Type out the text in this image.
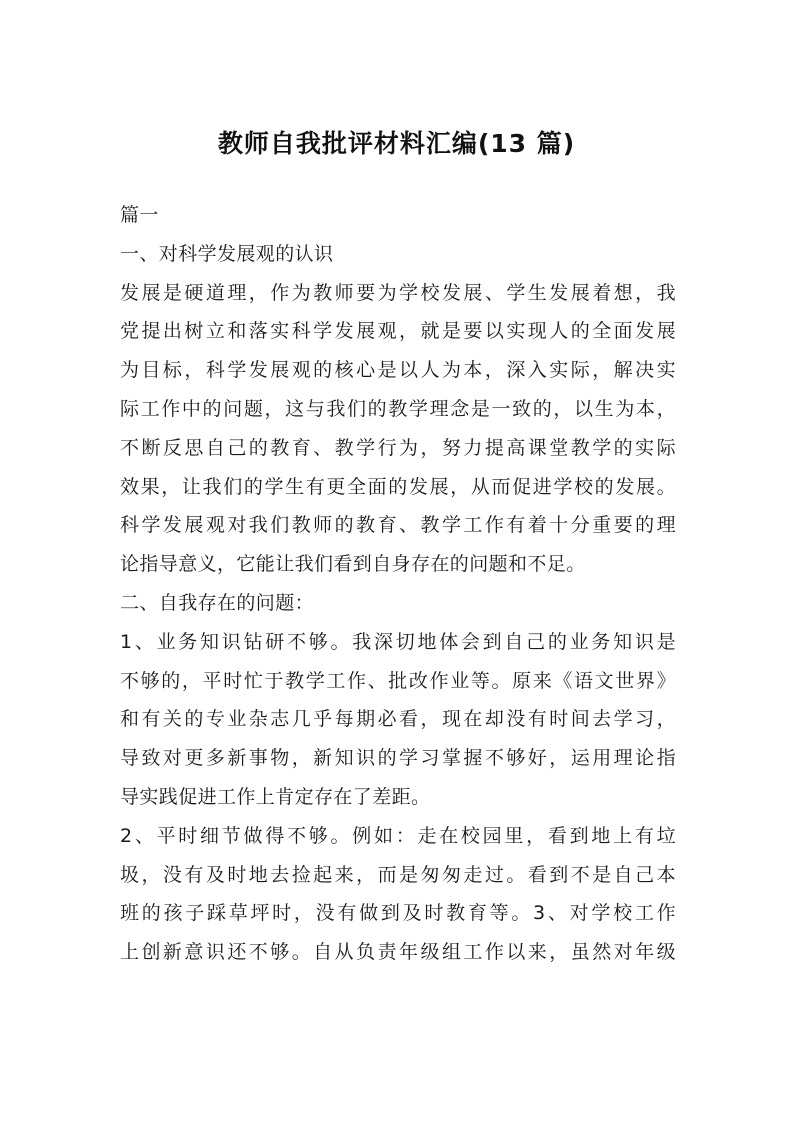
教师自我批评材料汇编(13 篇)
篇一
一、对科学发展观的认识
发展是硬道理，作为教师要为学校发展、学生发展着想，我
党提出树立和落实科学发展观，就是要以实现人的全面发展
为目标，科学发展观的核心是以人为本，深入实际，解决实
际工作中的问题，这与我们的教学理念是一致的，以生为本，
不断反思自己的教育、教学行为，努力提高课堂教学的实际
效果，让我们的学生有更全面的发展，从而促进学校的发展。
科学发展观对我们教师的教育、教学工作有着十分重要的理
论指导意义，它能让我们看到自身存在的问题和不足。
二、自我存在的问题：
1、业务知识钻研不够。我深切地体会到自己的业务知识是
不够的，平时忙于教学工作、批改作业等。原来《语文世界》
和有关的专业杂志几乎每期必看，现在却没有时间去学习，
导致对更多新事物，新知识的学习掌握不够好，运用理论指
导实践促进工作上肯定存在了差距。
2、平时细节做得不够。例如：走在校园里，看到地上有垃
圾，没有及时地去捡起来，而是匆匆走过。看到不是自己本
班的孩子踩草坪时，没有做到及时教育等。3、对学校工作
上创新意识还不够。自从负责年级组工作以来，虽然对年级
